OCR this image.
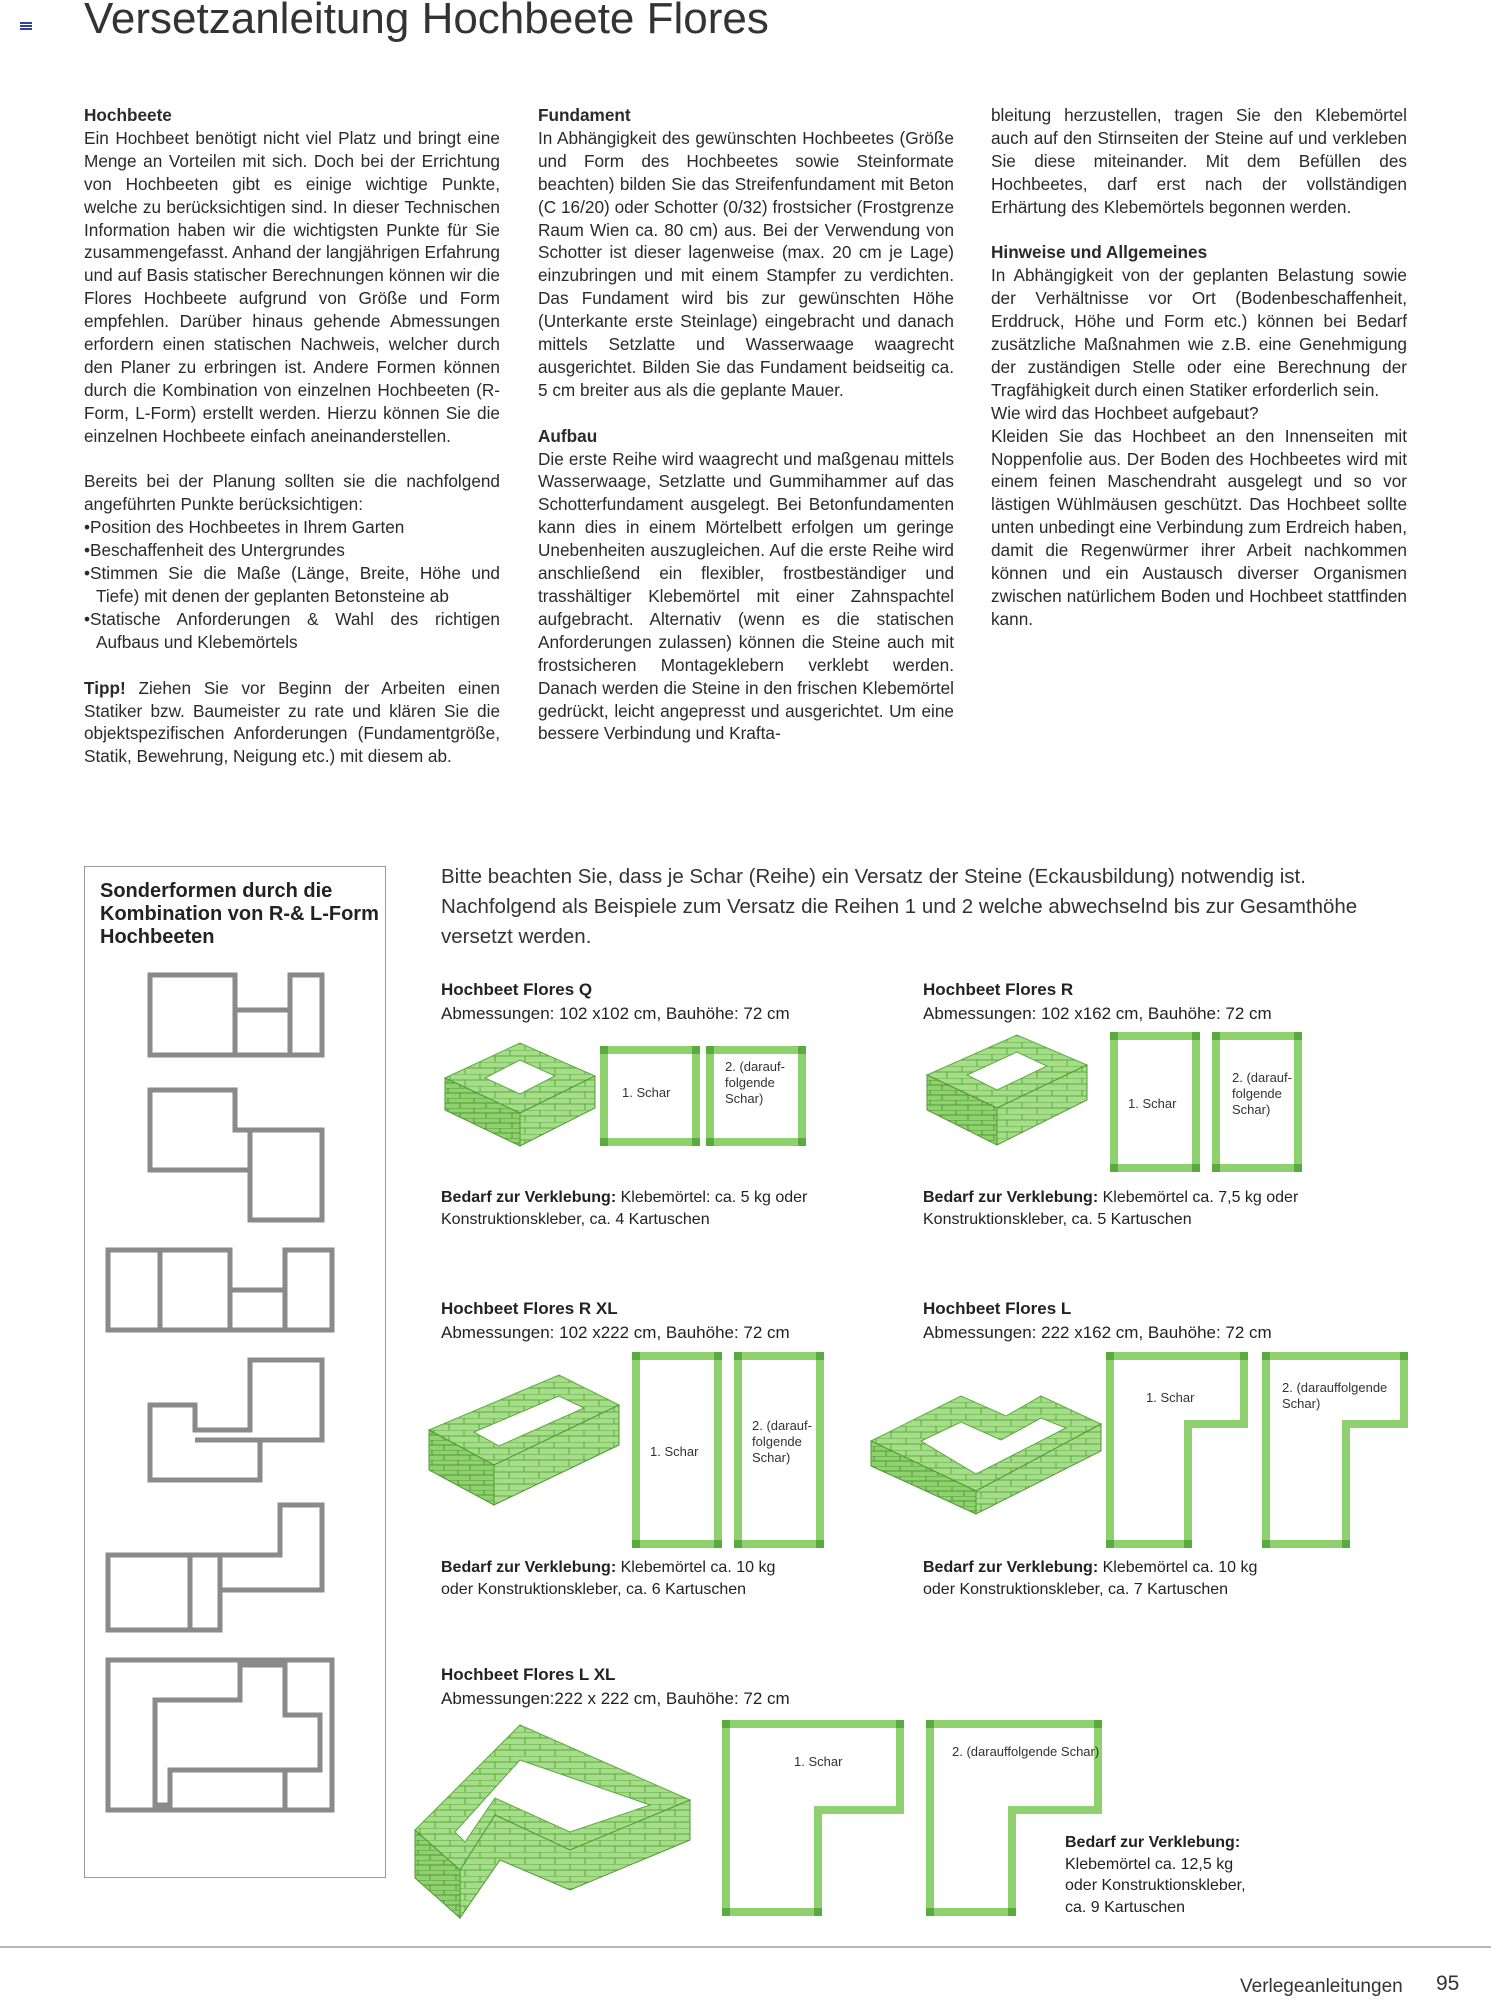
Versetzanleitung Hochbeete Flores

Hochbeete

Ein Hochbeet benötigt nicht viel Platz und bringt eine Menge an Vorteilen mit sich. Doch bei der Errichtung von Hochbeeten gibt es einige wichtige Punkte, welche zu berücksichtigen sind. In dieser Technischen Information haben wir die wichtigsten Punkte für Sie zusammengefasst. Anhand der langjährigen Erfahrung und auf Basis statischer Berechnungen können wir die Flores Hochbeete aufgrund von Größe und Form empfehlen. Darüber hinaus gehende Abmessungen erfordern einen statischen Nachweis, welcher durch den Planer zu erbringen ist. Andere Formen können durch die Kombination von einzelnen Hochbeeten (R-Form, L-Form) erstellt werden. Hierzu können Sie die einzelnen Hochbeete einfach aneinanderstellen.

Bereits bei der Planung sollten sie die nachfolgend angeführten Punkte berücksichtigen:

• Position des Hochbeetes in Ihrem Garten
• Beschaffenheit des Untergrundes
• Stimmen Sie die Maße (Länge, Breite, Höhe und Tiefe) mit denen der geplanten Betonsteine ab
• Statische Anforderungen & Wahl des richtigen Aufbaus und Klebemörtels

Tipp! Ziehen Sie vor Beginn der Arbeiten einen Statiker bzw. Baumeister zu rate und klären Sie die objektspezifischen Anforderungen (Fundamentgröße, Statik, Bewehrung, Neigung etc.) mit diesem ab.

Fundament

In Abhängigkeit des gewünschten Hochbeetes (Größe und Form des Hochbeetes sowie Steinformate beachten) bilden Sie das Streifenfundament mit Beton (C 16/20) oder Schotter (0/32) frostsicher (Frostgrenze Raum Wien ca. 80 cm) aus. Bei der Verwendung von Schotter ist dieser lagenweise (max. 20 cm je Lage) einzubringen und mit einem Stampfer zu verdichten. Das Fundament wird bis zur gewünschten Höhe (Unterkante erste Steinlage) eingebracht und danach mittels Setzlatte und Wasserwaage waagrecht ausgerichtet. Bilden Sie das Fundament beidseitig ca. 5 cm breiter aus als die geplante Mauer.

Aufbau

Die erste Reihe wird waagrecht und maßgenau mittels Wasserwaage, Setzlatte und Gummihammer auf das Schotterfundament ausgelegt. Bei Betonfundamenten kann dies in einem Mörtelbett erfolgen um geringe Unebenheiten auszugleichen. Auf die erste Reihe wird anschließend ein flexibler, frostbeständiger und trasshältiger Klebemörtel mit einer Zahnspachtel aufgebracht. Alternativ (wenn es die statischen Anforderungen zulassen) können die Steine auch mit frostsicheren Montageklebern verklebt werden. Danach werden die Steine in den frischen Klebemörtel gedrückt, leicht angepresst und ausgerichtet. Um eine bessere Verbindung und Krafta-

bleitung herzustellen, tragen Sie den Klebemörtel auch auf den Stirnseiten der Steine auf und verkleben Sie diese miteinander. Mit dem Befüllen des Hochbeetes, darf erst nach der vollständigen Erhärtung des Klebemörtels begonnen werden.

Hinweise und Allgemeines

In Abhängigkeit von der geplanten Belastung sowie der Verhältnisse vor Ort (Bodenbeschaffenheit, Erddruck, Höhe und Form etc.) können bei Bedarf zusätzliche Maßnahmen wie z.B. eine Genehmigung der zuständigen Stelle oder eine Berechnung der Tragfähigkeit durch einen Statiker erforderlich sein.

Wie wird das Hochbeet aufgebaut?

Kleiden Sie das Hochbeet an den Innenseiten mit Noppenfolie aus. Der Boden des Hochbeetes wird mit einem feinen Maschendraht ausgelegt und so vor lästigen Wühlmäusen geschützt. Das Hochbeet sollte unten unbedingt eine Verbindung zum Erdreich haben, damit die Regenwürmer ihrer Arbeit nachkommen können und ein Austausch diverser Organismen zwischen natürlichem Boden und Hochbeet stattfinden kann.

Sonderformen durch die Kombination von R-& L-Form Hochbeeten
Bitte beachten Sie, dass je Schar (Reihe) ein Versatz der Steine (Eckausbildung) notwendig ist. Nachfolgend als Beispiele zum Versatz die Reihen 1 und 2 welche abwechselnd bis zur Gesamthöhe versetzt werden.
Hochbeet Flores Q
Abmessungen: 102 x102 cm, Bauhöhe: 72 cm
1. Schar
2. (darauf-folgende Schar)
Bedarf zur Verklebung: Klebemörtel: ca. 5 kg oder
Konstruktionskleber, ca. 4 Kartuschen
Hochbeet Flores R
Abmessungen: 102 x162 cm, Bauhöhe: 72 cm
1. Schar
2. (darauf-folgende Schar)
Bedarf zur Verklebung: Klebemörtel ca. 7,5 kg oder
Konstruktionskleber, ca. 5 Kartuschen
Hochbeet Flores R XL
Abmessungen: 102 x222 cm, Bauhöhe: 72 cm
1. Schar
2. (darauf-folgende Schar)
Bedarf zur Verklebung: Klebemörtel ca. 10 kg
oder Konstruktionskleber, ca. 6 Kartuschen
Hochbeet Flores L
Abmessungen: 222 x162 cm, Bauhöhe: 72 cm
1. Schar
2. (darauffolgende Schar)
Bedarf zur Verklebung: Klebemörtel ca. 10 kg
oder Konstruktionskleber, ca. 7 Kartuschen
Hochbeet Flores L XL
Abmessungen:222 x 222 cm, Bauhöhe: 72 cm
1. Schar
2. (darauffolgende Schar)
Bedarf zur Verklebung:
Klebemörtel ca. 12,5 kg
oder Konstruktionskleber,
ca. 9 Kartuschen
Verlegeanleitungen 95
